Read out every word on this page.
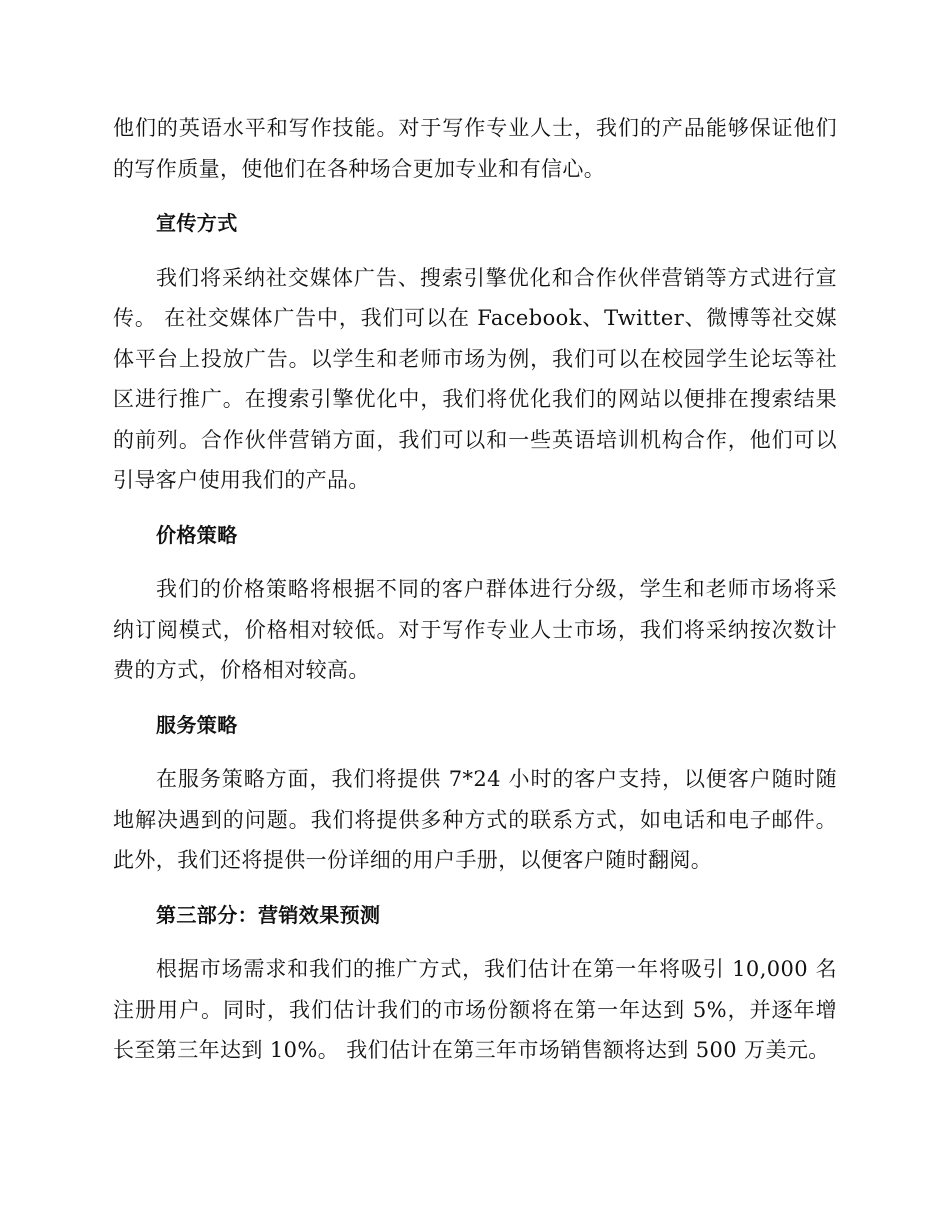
他们的英语水平和写作技能。对于写作专业人士，我们的产品能够保证他们的写作质量，使他们在各种场合更加专业和有信心。

宣传方式

我们将采纳社交媒体广告、搜索引擎优化和合作伙伴营销等方式进行宣传。 在社交媒体广告中，我们可以在 Facebook、Twitter、微博等社交媒体平台上投放广告。以学生和老师市场为例，我们可以在校园学生论坛等社区进行推广。在搜索引擎优化中，我们将优化我们的网站以便排在搜索结果的前列。合作伙伴营销方面，我们可以和一些英语培训机构合作，他们可以引导客户使用我们的产品。

价格策略

我们的价格策略将根据不同的客户群体进行分级，学生和老师市场将采纳订阅模式，价格相对较低。对于写作专业人士市场，我们将采纳按次数计费的方式，价格相对较高。

服务策略

在服务策略方面，我们将提供 7*24 小时的客户支持，以便客户随时随地解决遇到的问题。我们将提供多种方式的联系方式，如电话和电子邮件。此外，我们还将提供一份详细的用户手册，以便客户随时翻阅。

第三部分：营销效果预测

根据市场需求和我们的推广方式，我们估计在第一年将吸引 10,000 名注册用户。同时，我们估计我们的市场份额将在第一年达到 5%，并逐年增长至第三年达到 10%。 我们估计在第三年市场销售额将达到 500 万美元。
